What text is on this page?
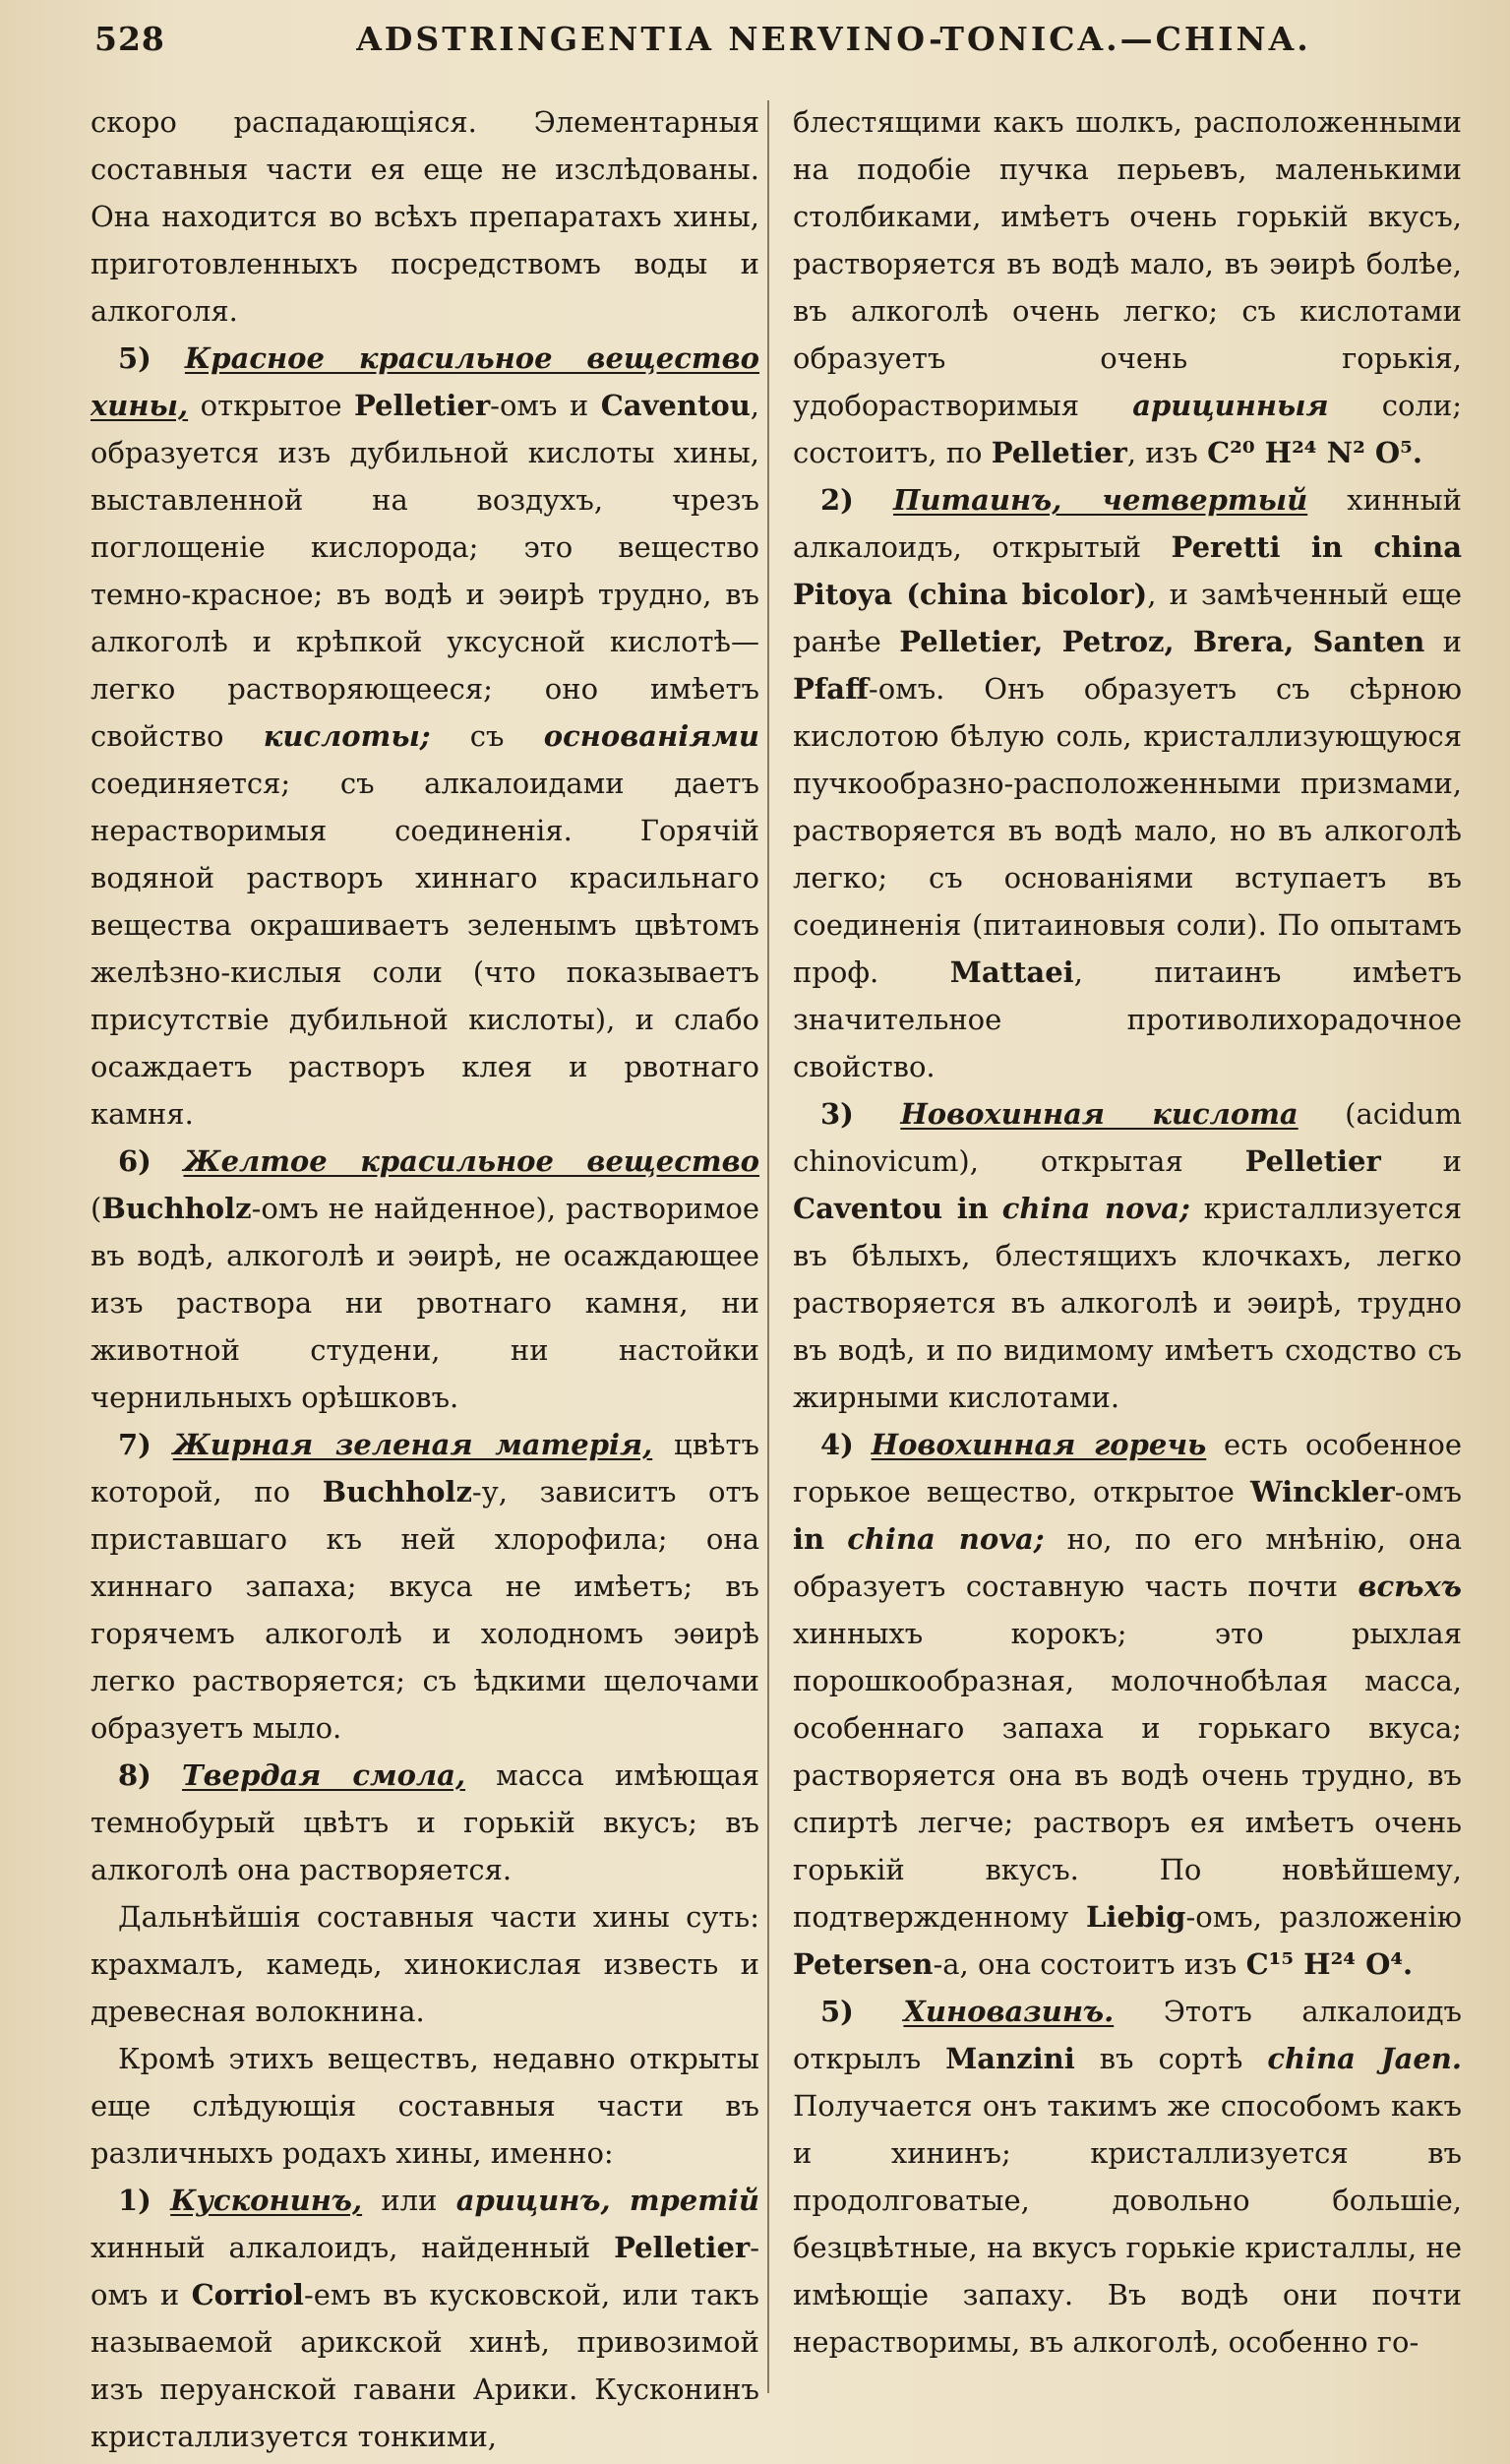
528	ADSTRINGENTIA NERVINO-TONICA.—CHINA.

скоро распадающіяся. Элементарныя составныя части ея еще не изслѣдованы. Она находится во всѣхъ препаратахъ хины, приготовленныхъ посредствомъ воды и алкоголя.

5) Красное красильное вещество хины, открытое Pelletier-омъ и Caventou, образуется изъ дубильной кислоты хины, выставленной на воздухъ, чрезъ поглощеніе кислорода; это вещество темно-красное; въ водѣ и эѳирѣ трудно, въ алкоголѣ и крѣпкой уксусной кислотѣ—легко растворяющееся; оно имѣетъ свойство кислоты; съ основаніями соединяется; съ алкалоидами даетъ нерастворимыя соединенія. Горячій водяной растворъ хиннаго красильнаго вещества окрашиваетъ зеленымъ цвѣтомъ желѣзно-кислыя соли (что показываетъ присутствіе дубильной кислоты), и слабо осаждаетъ растворъ клея и рвотнаго камня.

6) Желтое красильное вещество (Buchholz-омъ не найденное), растворимое въ водѣ, алкоголѣ и эѳирѣ, не осаждающее изъ раствора ни рвотнаго камня, ни животной студени, ни настойки чернильныхъ орѣшковъ.

7) Жирная зеленая матерія, цвѣтъ которой, по Buchholz-у, зависитъ отъ приставшаго къ ней хлорофила; она хиннаго запаха; вкуса не имѣетъ; въ горячемъ алкоголѣ и холодномъ эѳирѣ легко растворяется; съ ѣдкими щелочами образуетъ мыло.

8) Твердая смола, масса имѣющая темнобурый цвѣтъ и горькій вкусъ; въ алкоголѣ она растворяется.

Дальнѣйшія составныя части хины суть: крахмалъ, камедь, хинокислая известь и древесная волокнина.

Кромѣ этихъ веществъ, недавно открыты еще слѣдующія составныя части въ различныхъ родахъ хины, именно:

1) Кусконинъ, или арицинъ, третій хинный алкалоидъ, найденный Pelletier-омъ и Corriol-емъ въ кусковской, или такъ называемой арикской хинѣ, привозимой изъ перуанской гавани Арики. Кусконинъ кристаллизуется тонкими,

блестящими какъ шолкъ, расположенными на подобіе пучка перьевъ, маленькими столбиками, имѣетъ очень горькій вкусъ, растворяется въ водѣ мало, въ эѳирѣ болѣе, въ алкоголѣ очень легко; съ кислотами образуетъ очень горькія, удоборастворимыя арицинныя соли; состоитъ, по Pelletier, изъ C²⁰ H²⁴ N² O⁵.

2) Питаинъ, четвертый хинный алкалоидъ, открытый Peretti in china Pitoya (china bicolor), и замѣченный еще ранѣе Pelletier, Petroz, Brera, Santen и Pfaff-омъ. Онъ образуетъ съ сѣрною кислотою бѣлую соль, кристаллизующуюся пучкообразно-расположенными призмами, растворяется въ водѣ мало, но въ алкоголѣ легко; съ основаніями вступаетъ въ соединенія (питаиновыя соли). По опытамъ проф. Mattaei, питаинъ имѣетъ значительное противолихорадочное свойство.

3) Новохинная кислота (acidum chinovicum), открытая Pelletier и Caventou in china nova; кристаллизуется въ бѣлыхъ, блестящихъ клочкахъ, легко растворяется въ алкоголѣ и эѳирѣ, трудно въ водѣ, и по видимому имѣетъ сходство съ жирными кислотами.

4) Новохинная горечь есть особенное горькое вещество, открытое Winckler-омъ in china nova; но, по его мнѣнію, она образуетъ составную часть почти всѣхъ хинныхъ корокъ; это рыхлая порошкообразная, молочнобѣлая масса, особеннаго запаха и горькаго вкуса; растворяется она въ водѣ очень трудно, въ спиртѣ легче; растворъ ея имѣетъ очень горькій вкусъ. По новѣйшему, подтвержденному Liebig-омъ, разложенію Petersen-а, она состоитъ изъ C¹⁵ H²⁴ O⁴.

5) Хиновазинъ. Этотъ алкалоидъ открылъ Manzini въ сортѣ china Jaen. Получается онъ такимъ же способомъ какъ и хининъ; кристаллизуется въ продолговатые, довольно большіе, безцвѣтные, на вкусъ горькіе кристаллы, не имѣющіе запаху. Въ водѣ они почти нерастворимы, въ алкоголѣ, особенно го-
